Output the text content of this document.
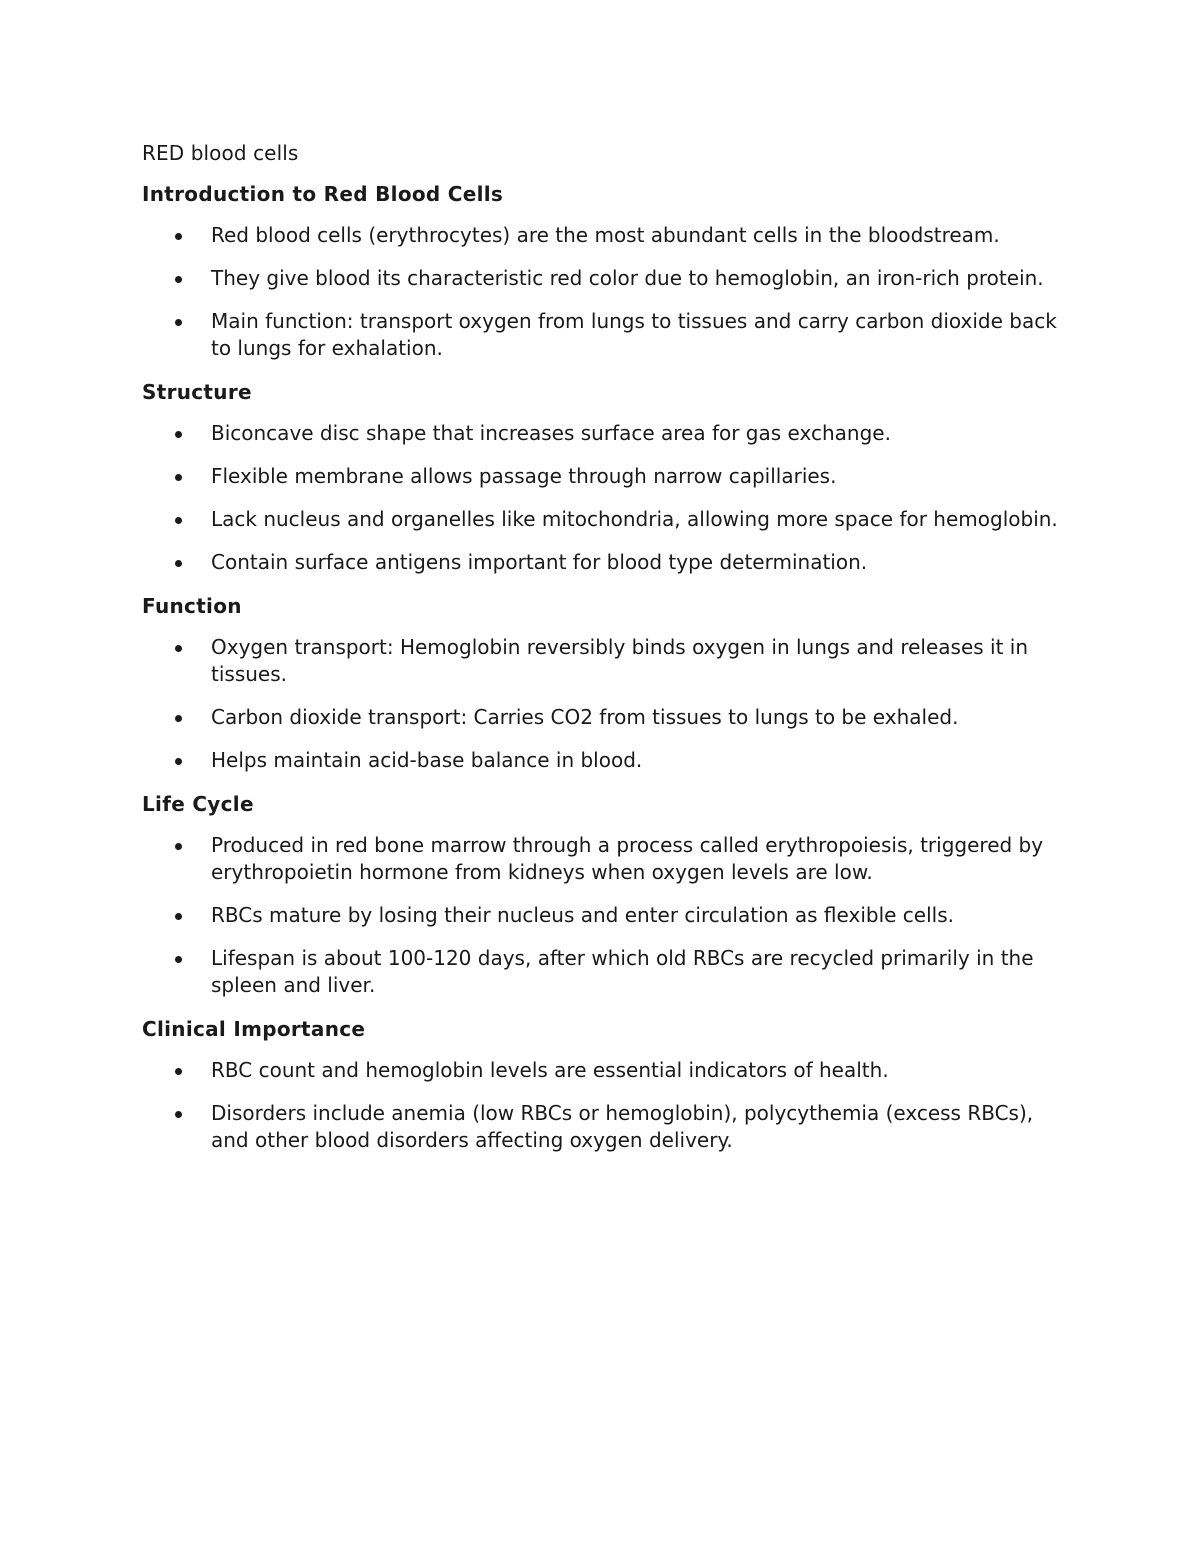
RED blood cells
Introduction to Red Blood Cells
Red blood cells (erythrocytes) are the most abundant cells in the bloodstream.
They give blood its characteristic red color due to hemoglobin, an iron-rich protein.
Main function: transport oxygen from lungs to tissues and carry carbon dioxide back to lungs for exhalation.
Structure
Biconcave disc shape that increases surface area for gas exchange.
Flexible membrane allows passage through narrow capillaries.
Lack nucleus and organelles like mitochondria, allowing more space for hemoglobin.
Contain surface antigens important for blood type determination.
Function
Oxygen transport: Hemoglobin reversibly binds oxygen in lungs and releases it in tissues.
Carbon dioxide transport: Carries CO2 from tissues to lungs to be exhaled.
Helps maintain acid-base balance in blood.
Life Cycle
Produced in red bone marrow through a process called erythropoiesis, triggered by erythropoietin hormone from kidneys when oxygen levels are low.
RBCs mature by losing their nucleus and enter circulation as flexible cells.
Lifespan is about 100-120 days, after which old RBCs are recycled primarily in the spleen and liver.
Clinical Importance
RBC count and hemoglobin levels are essential indicators of health.
Disorders include anemia (low RBCs or hemoglobin), polycythemia (excess RBCs), and other blood disorders affecting oxygen delivery.
